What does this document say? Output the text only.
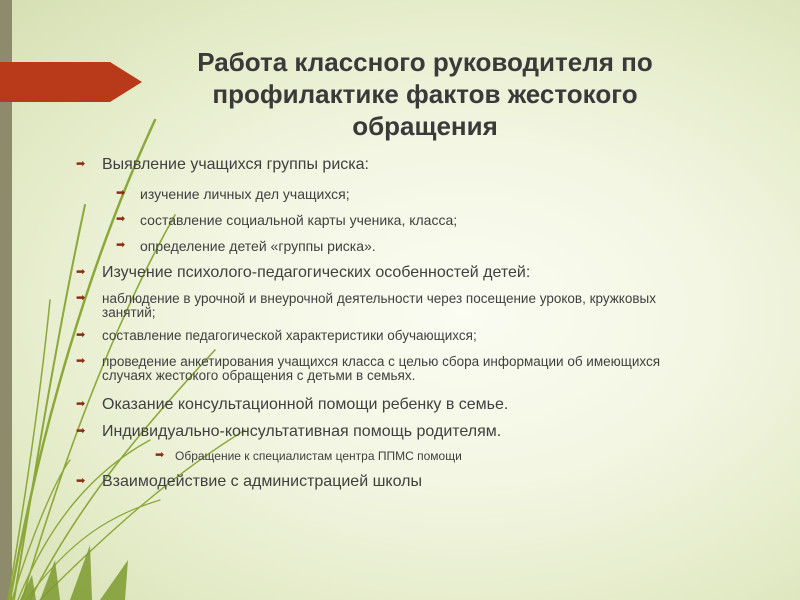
Работа классного руководителя по
профилактике фактов жестокого
обращения
➡ Выявление учащихся группы риска:
➡ изучение личных дел учащихся;
➡ составление социальной карты ученика, класса;
➡ определение детей «группы риска».
➡ Изучение психолого-педагогических особенностей детей:
➡ наблюдение в урочной и внеурочной деятельности через посещение уроков, кружковых занятий;
➡ составление педагогической характеристики обучающихся;
➡ проведение анкетирования учащихся класса с целью сбора информации об имеющихся случаях жестокого обращения с детьми в семьях.
➡ Оказание консультационной помощи ребенку в семье.
➡ Индивидуально-консультативная помощь родителям.
➡ Обращение к специалистам центра ППМС помощи
➡ Взаимодействие с администрацией школы
